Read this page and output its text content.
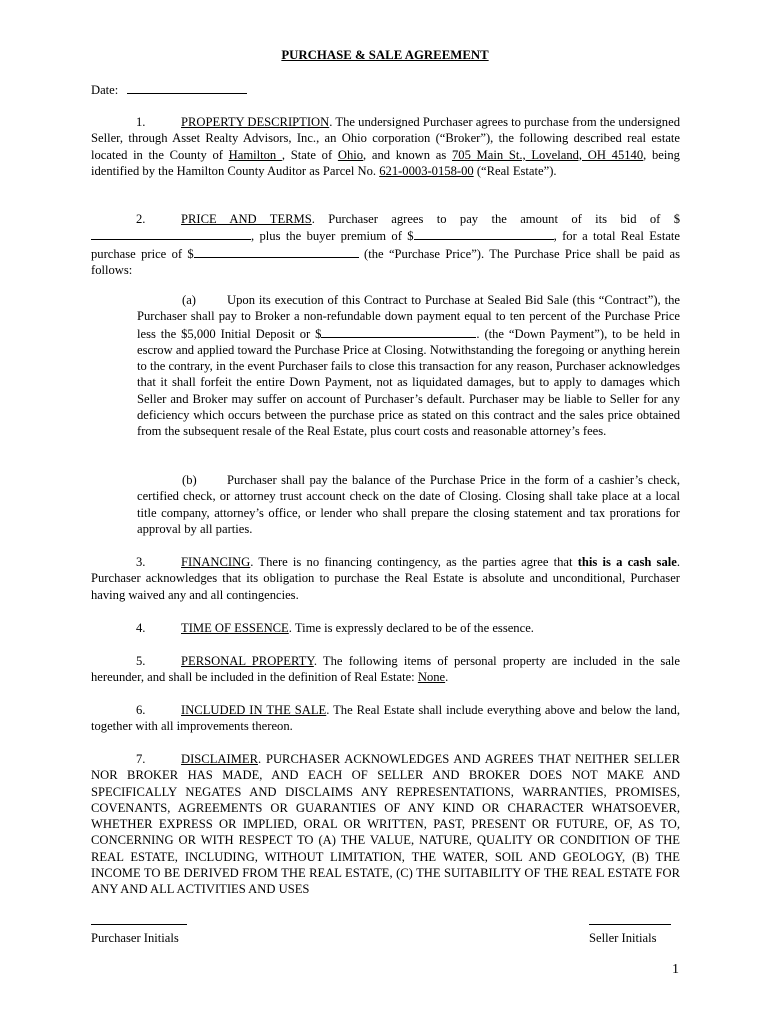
PURCHASE & SALE AGREEMENT
Date:

1.	PROPERTY DESCRIPTION. The undersigned Purchaser agrees to purchase from the undersigned Seller, through Asset Realty Advisors, Inc., an Ohio corporation (“Broker”), the following described real estate located in the County of Hamilton , State of Ohio, and known as 705 Main St., Loveland, OH 45140, being identified by the Hamilton County Auditor as Parcel No. 621-0003-0158-00 (“Real Estate”).

2.	PRICE AND TERMS. Purchaser agrees to pay the amount of its bid of $, plus the buyer premium of $	, for a total Real Estate purchase price of $	(the “Purchase Price”). The Purchase Price shall be paid as follows:

(a) Upon its execution of this Contract to Purchase at Sealed Bid Sale (this “Contract”), the Purchaser shall pay to Broker a non-refundable down payment equal to ten percent of the Purchase Price less the $5,000 Initial Deposit or $	. (the “Down Payment”), to be held in escrow and applied toward the Purchase Price at Closing. Notwithstanding the foregoing or anything herein to the contrary, in the event Purchaser fails to close this transaction for any reason, Purchaser acknowledges that it shall forfeit the entire Down Payment, not as liquidated damages, but to apply to damages which Seller and Broker may suffer on account of Purchaser’s default. Purchaser may be liable to Seller for any deficiency which occurs between the purchase price as stated on this contract and the sales price obtained from the subsequent resale of the Real Estate, plus court costs and reasonable attorney’s fees.

(b) Purchaser shall pay the balance of the Purchase Price in the form of a cashier’s check, certified check, or attorney trust account check on the date of Closing. Closing shall take place at a local title company, attorney’s office, or lender who shall prepare the closing statement and tax prorations for approval by all parties.

3.	FINANCING. There is no financing contingency, as the parties agree that this is a cash sale. Purchaser acknowledges that its obligation to purchase the Real Estate is absolute and unconditional, Purchaser having waived any and all contingencies.

4.	TIME OF ESSENCE. Time is expressly declared to be of the essence.

5.	PERSONAL PROPERTY. The following items of personal property are included in the sale hereunder, and shall be included in the definition of Real Estate: None.

6.	INCLUDED IN THE SALE. The Real Estate shall include everything above and below the land, together with all improvements thereon.

7.	DISCLAIMER. PURCHASER ACKNOWLEDGES AND AGREES THAT NEITHER SELLER NOR BROKER HAS MADE, AND EACH OF SELLER AND BROKER DOES NOT MAKE AND SPECIFICALLY NEGATES AND DISCLAIMS ANY REPRESENTATIONS, WARRANTIES, PROMISES, COVENANTS, AGREEMENTS OR GUARANTIES OF ANY KIND OR CHARACTER WHATSOEVER, WHETHER EXPRESS OR IMPLIED, ORAL OR WRITTEN, PAST, PRESENT OR FUTURE, OF, AS TO, CONCERNING OR WITH RESPECT TO (A) THE VALUE, NATURE, QUALITY OR CONDITION OF THE REAL ESTATE, INCLUDING, WITHOUT LIMITATION, THE WATER, SOIL AND GEOLOGY, (B) THE INCOME TO BE DERIVED FROM THE REAL ESTATE, (C) THE SUITABILITY OF THE REAL ESTATE FOR ANY AND ALL ACTIVITIES AND USES

Purchaser Initials	Seller Initials
1
